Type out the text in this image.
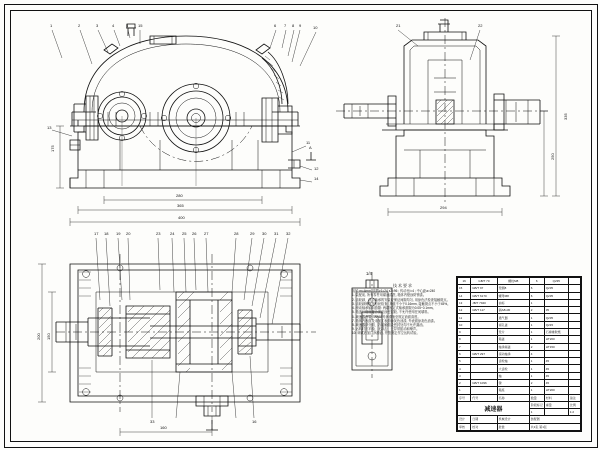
1	2	3	4	5	6 7 8 9	10
11
12
13
14
15
A
21	22
17 18 19 20	23 24 25 26 27	28	29 30 31 32
33	16
280
365
400
175
294
335
250
200 150
160
1/4
技术要求

齿轮 m=4mm, 齿数z1=24 z2=96 ; 传动比i=4 ; 中心距a=240

1. 装配前, 所有零件用煤油清洗, 箱体内壁涂防锈漆。

2. 齿轮副、滚动轴承的安装应保证间隙均匀, 用涂色法检查接触斑点。

3. 齿轮副侧隙用铅丝检查, 其值不小于0.16mm, 接触斑点不小于45%。

4. 滚动轴承轴向游隙: 两端固定式轴承游隙为0.05~0.1mm。

5. 箱盖与箱座接合面应涂密封胶, 不允许使用任何填料。

6. 减速器内装L-AN68号润滑油至规定油面高度。

7. 箱体内表面及未加工表面涂灰色油漆, 外表面涂灰色油漆。

8. 减速器剖分面、各接触面及密封处均不允许漏油。

9. 运转时应平稳、无冲击、无异常振动和噪声。

10. 调试后加注润滑油, 并按规定作空运转试验。

16	GB/T 70	螺栓M8	6	Q235	
15	GB/T 97	垫圈8	6	Q235	
14	GB/T 6170	螺母M8	6	Q235	
13	JB/T 7940	油标	1		
12	GB/T 117	销A8x30	2	35	
11		通气器	1	Q235	
10		视孔盖	1	Q215	
9		垫片	1	石棉橡胶纸	
8		箱盖	1	HT200	
7		轴承端盖	2	HT150	
6	GB/T 297	滚动轴承	4		
5		齿轮轴	1	45	
4		大齿轮	1	45	
3		轴	1	45	
2	GB/T 1096	键	2	45	
1		箱座	1	HT200	
序号	代号	名称	数量	材料	备注
减速器			阶段标记	重量	比例
			1		1:2
设计	日期	机械设计	装配图		
审核	校对	批准	共1张 第1张		
